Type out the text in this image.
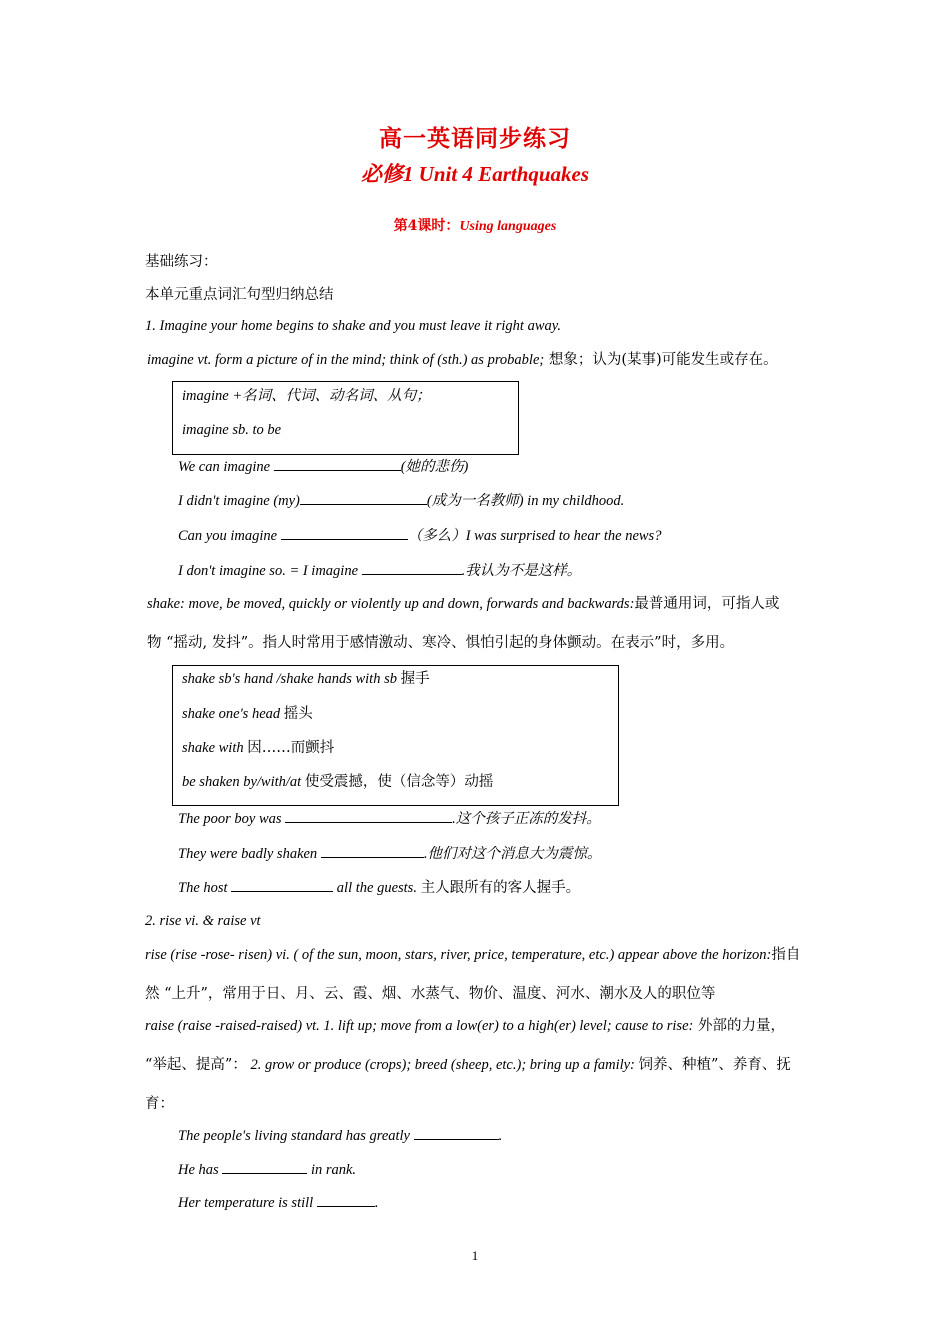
高一英语同步练习
必修1 Unit 4 Earthquakes
第4课时：Using languages
基础练习：
本单元重点词汇句型归纳总结
1. Imagine your home begins to shake and you must leave it right away.
imagine vt. form a picture of in the mind; think of (sth.) as probable; 想象；认为(某事)可能发生或存在。
imagine +名词、代词、动名词、从句；
imagine sb. to be
We can imagine	(她的悲伤)
I didn't imagine (my)	(成为一名教师) in my childhood.
Can you imagine	（多么）I was surprised to hear the news?
I don't imagine so. = I imagine	.我认为不是这样。
shake: move, be moved, quickly or violently up and down, forwards and backwards:最普通用词，可指人或
物 “摇动, 发抖”。指人时常用于感情激动、寒冷、惧怕引起的身体颤动。在表示”时，多用。
shake sb's hand /shake hands with sb 握手
shake one's head 摇头
shake with 因……而颤抖
be shaken by/with/at 使受震撼，使（信念等）动摇
The poor boy was	.这个孩子正冻的发抖。
They were badly shaken	.他们对这个消息大为震惊。
The host	all the guests. 主人跟所有的客人握手。
2. rise vi. & raise vt
rise (rise -rose- risen) vi. ( of the sun, moon, stars, river, price, temperature, etc.) appear above the horizon:指自
然 “上升”，常用于日、月、云、霞、烟、水蒸气、物价、温度、河水、潮水及人的职位等
raise (raise -raised-raised) vt. 1. lift up; move from a low(er) to a high(er) level; cause to rise: 外部的力量，
“举起、提高”： 2. grow or produce (crops); breed (sheep, etc.); bring up a family: 饲养、种植”、养育、抚
育：
The people's living standard has greatly	.
He has	in rank.
Her temperature is still	.
1
